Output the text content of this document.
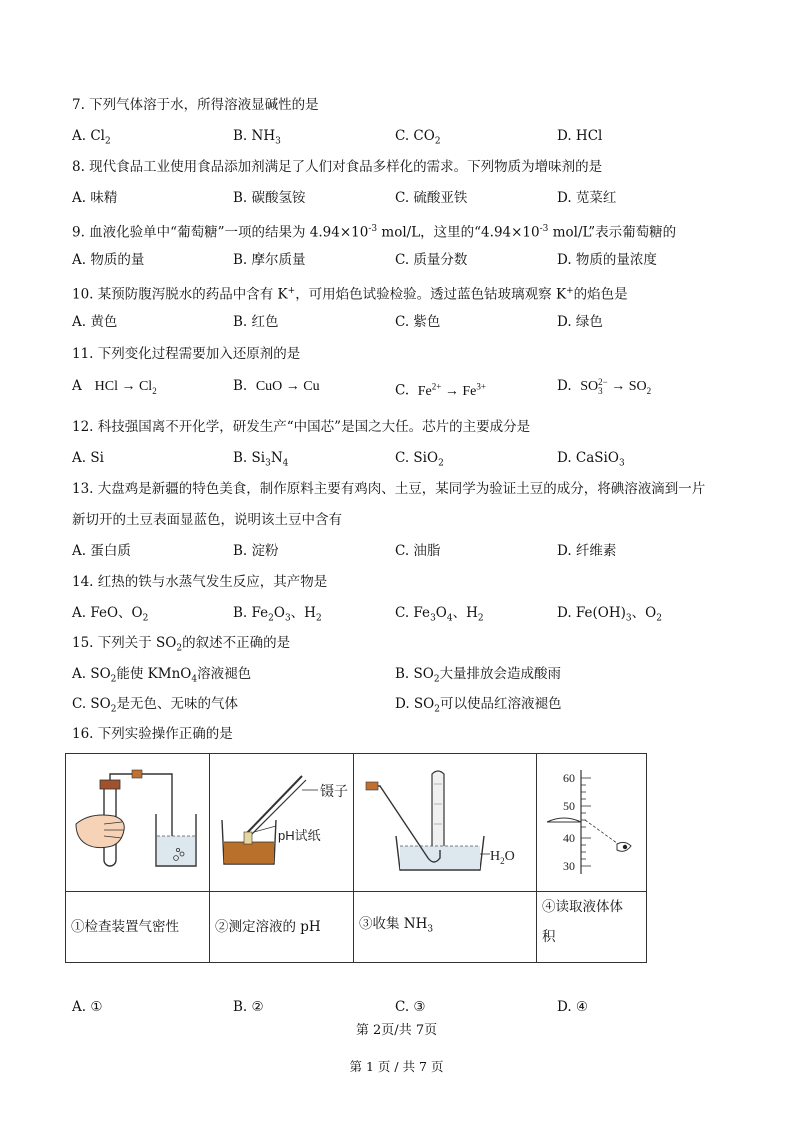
7. 下列气体溶于水，所得溶液显碱性的是
A. $Cl_2$	B. $NH_3$	C. $CO_2$	D. HCl
8. 现代食品工业使用食品添加剂满足了人们对食品多样化的需求。下列物质为增味剂的是
A. 味精	B. 碳酸氢铵	C. 硫酸亚铁	D. 苋菜红
9. 血液化验单中“葡萄糖”一项的结果为 $4.94\times 10^{-3}$ mol/L，这里的“$4.94\times 10^{-3}$ mol/L”表示葡萄糖的
A. 物质的量	B. 摩尔质量	C. 质量分数	D. 物质的量浓度
10. 某预防腹泻脱水的药品中含有 K+，可用焰色试验检验。透过蓝色钴玻璃观察 K+的焰色是
A. 黄色	B. 红色	C. 紫色	D. 绿色
11. 下列变化过程需要加入还原剂的是
A HCl → $Cl_2$	B. CuO → Cu	C. $Fe^{2+} \to Fe^{3+}$	D. SO 2−
$3 \to SO_2$
12. 科技强国离不开化学，研发生产“中国芯”是国之大任。芯片的主要成分是
A. Si	B. $Si_3N_4$	C. SiO$_2$	D. CaSiO$_3$
13. 大盘鸡是新疆的特色美食，制作原料主要有鸡肉、土豆，某同学为验证土豆的成分，将碘溶液滴到一片
新切开的土豆表面显蓝色，说明该土豆中含有
A. 蛋白质	B. 淀粉	C. 油脂	D. 纤维素
14. 红热的铁与水蒸气发生反应，其产物是
A. FeO、$O_2$	B. $Fe_2O_3$、$H_2$	C. $Fe_3O_4$、$H_2$	D. $Fe(OH)_3$、$O_2$
15. 下列关于 $SO_2$的叙述不正确的是
A. $SO_2$能使 KMnO$_4$溶液褪色	B. $SO_2$大量排放会造成酸雨
C. $SO_2$是无色、无味的气体	D. $SO_2$可以使品红溶液褪色
16. 下列实验操作正确的是

镊子
pH试纸	$H_2O$	60
50
40
30

①检查装置气密性	②测定溶液的 pH	③收集 $NH_3$	④读取液体体
积
A. ①	B. ②	C. ③	D. ④
第 2页/共 7页
第 1 页 / 共 7 页
